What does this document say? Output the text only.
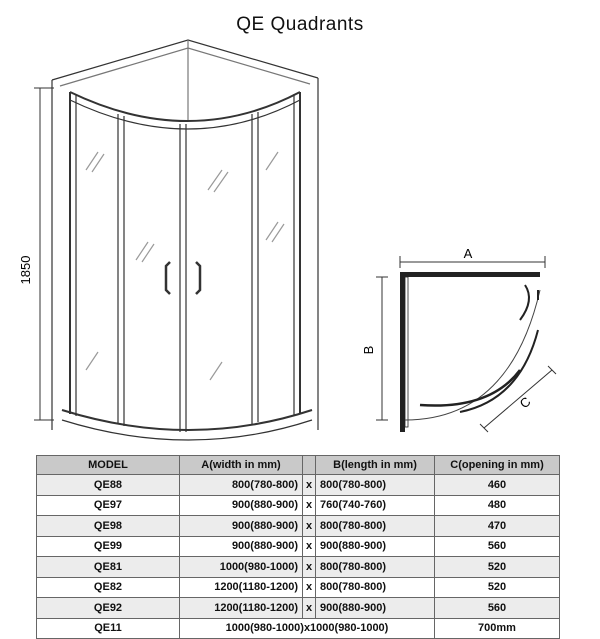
QE Quadrants
1850
A
B
C
MODEL	A(width in mm)		B(length in mm)	C(opening in mm)
QE88	800(780-800)	x	800(780-800)	460
QE97	900(880-900)	x	760(740-760)	480
QE98	900(880-900)	x	800(780-800)	470
QE99	900(880-900)	x	900(880-900)	560
QE81	1000(980-1000)	x	800(780-800)	520
QE82	1200(1180-1200)	x	800(780-800)	520
QE92	1200(1180-1200)	x	900(880-900)	560
QE11	1000(980-1000)x1000(980-1000)			700mm
